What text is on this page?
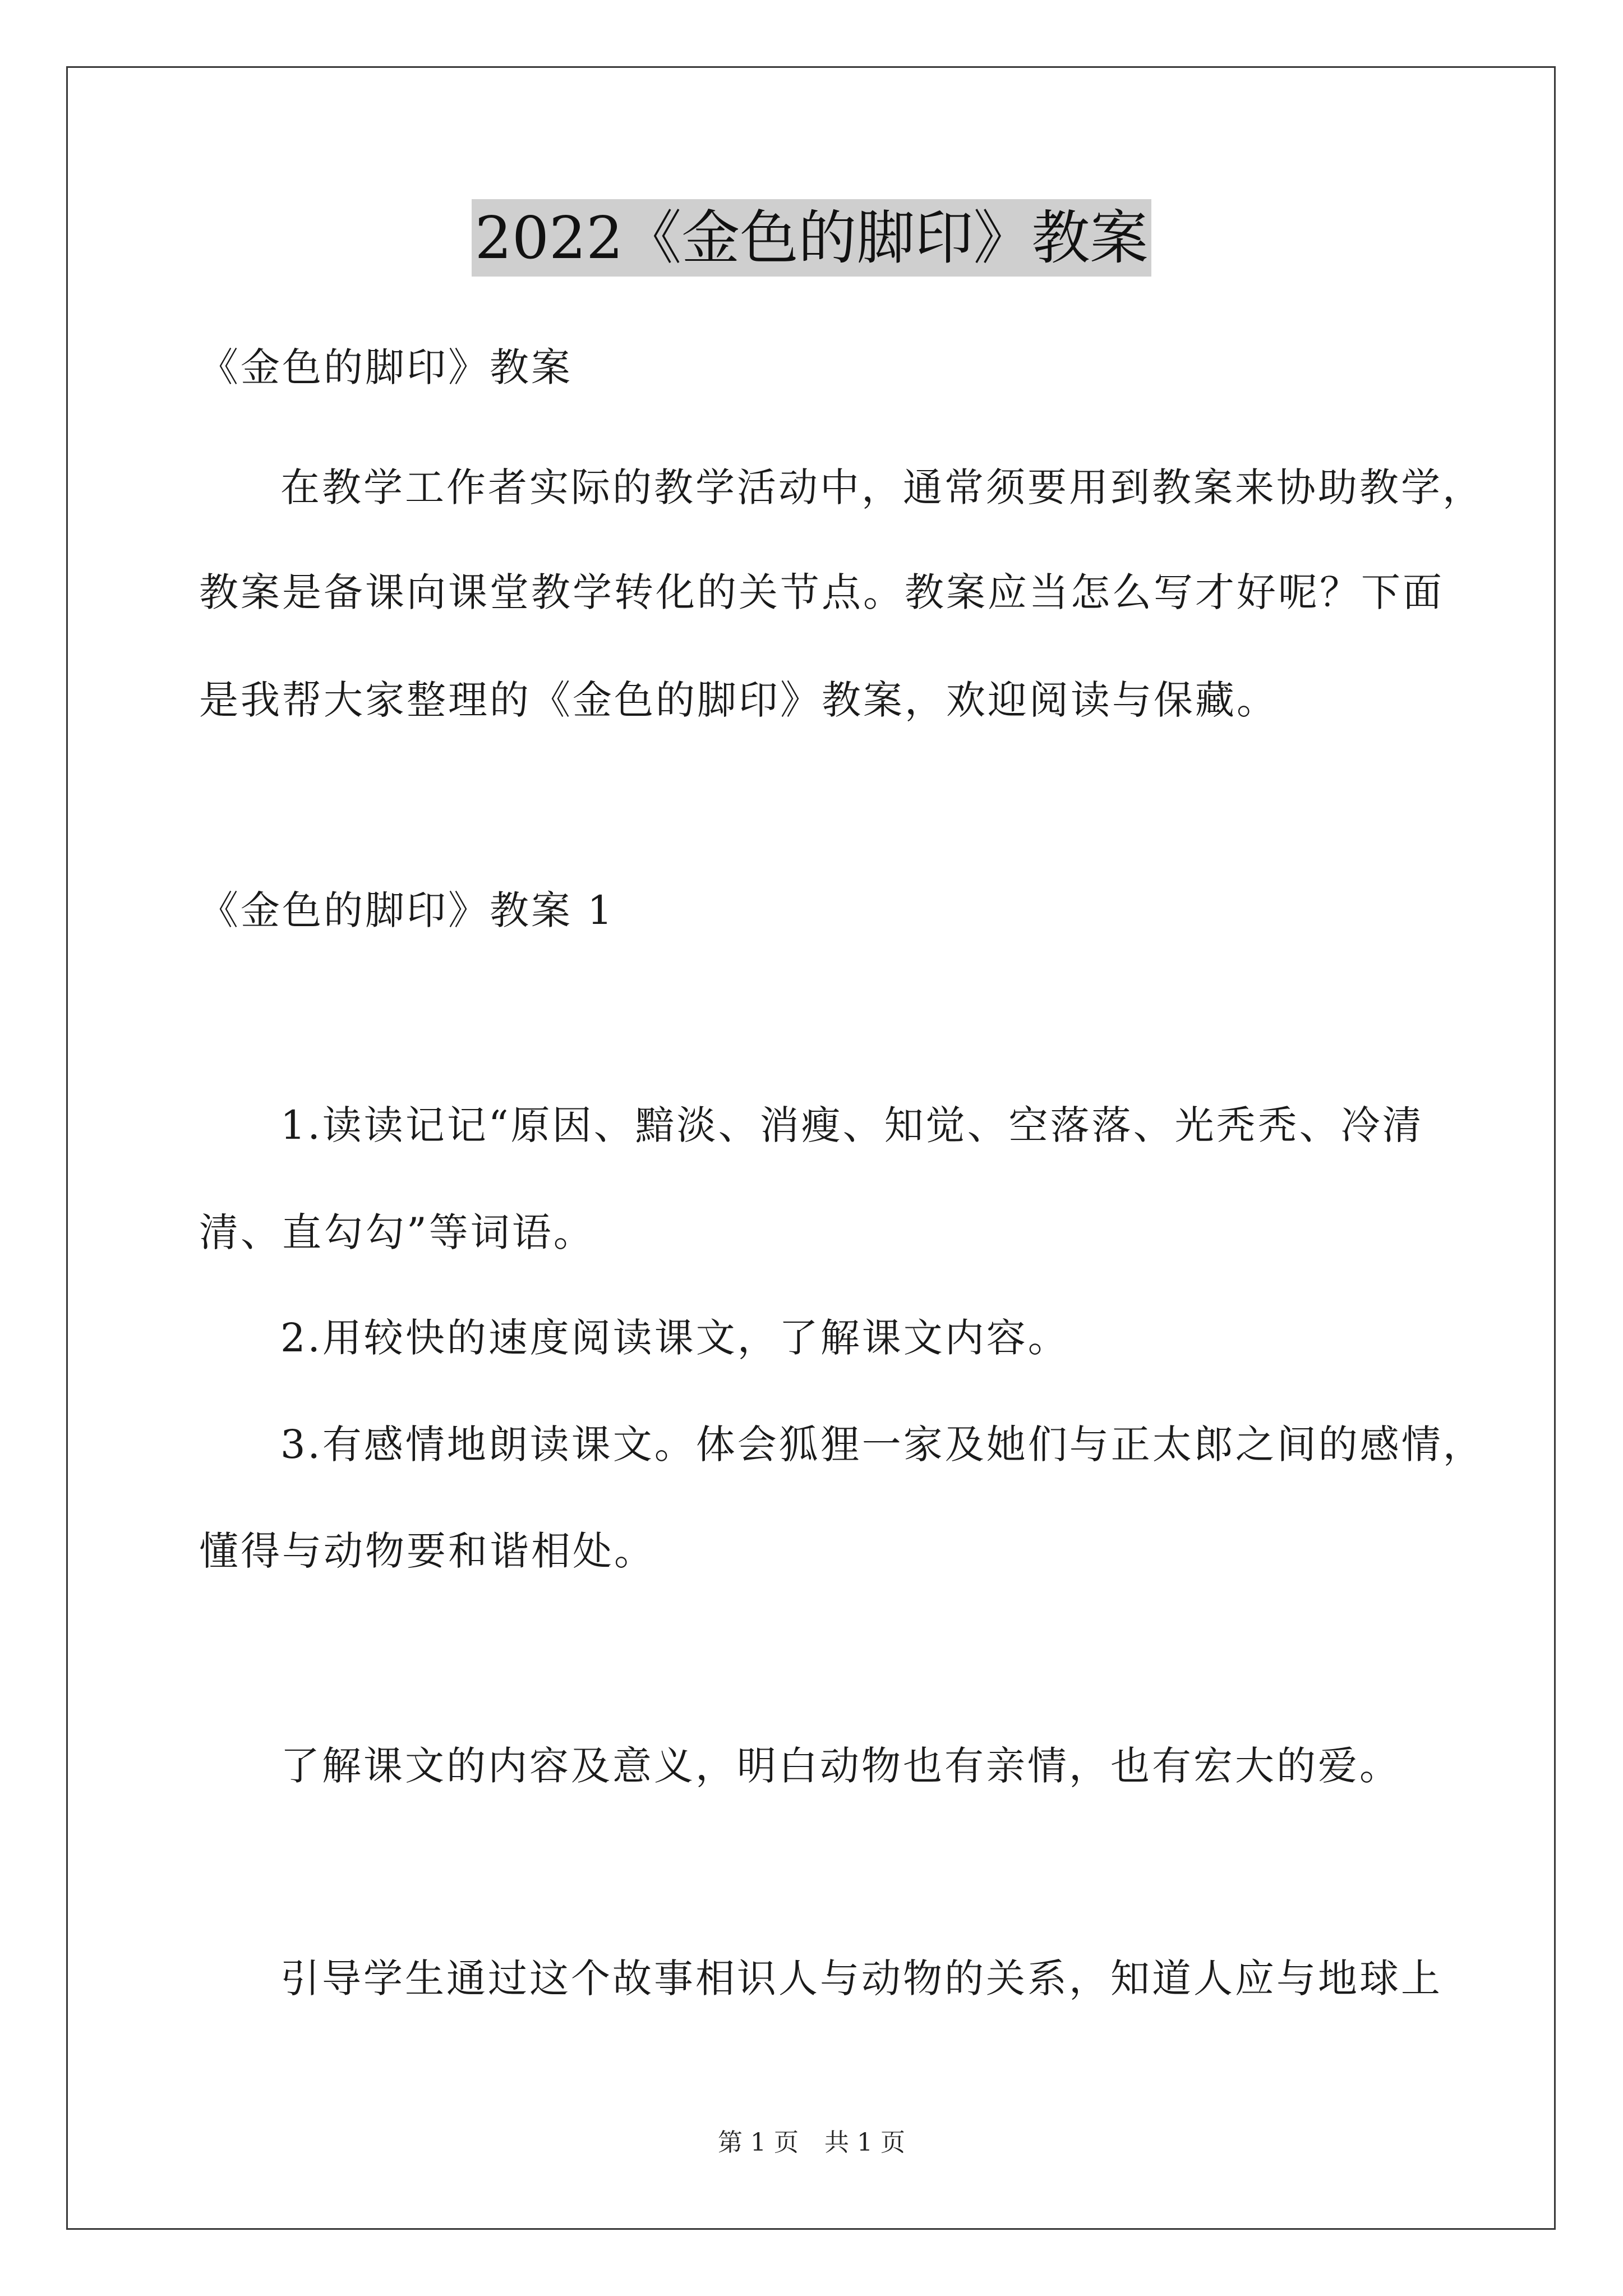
2022《金色的脚印》教案
《金色的脚印》教案
在教学工作者实际的教学活动中，通常须要用到教案来协助教学，
教案是备课向课堂教学转化的关节点。教案应当怎么写才好呢？下面
是我帮大家整理的《金色的脚印》教案，欢迎阅读与保藏。
《金色的脚印》教案 1
1.读读记记“原因、黯淡、消瘦、知觉、空落落、光秃秃、冷清
清、直勾勾”等词语。
2.用较快的速度阅读课文，了解课文内容。
3.有感情地朗读课文。体会狐狸一家及她们与正太郎之间的感情，
懂得与动物要和谐相处。
了解课文的内容及意义，明白动物也有亲情，也有宏大的爱。
引导学生通过这个故事相识人与动物的关系，知道人应与地球上
第 1 页 共 1 页
